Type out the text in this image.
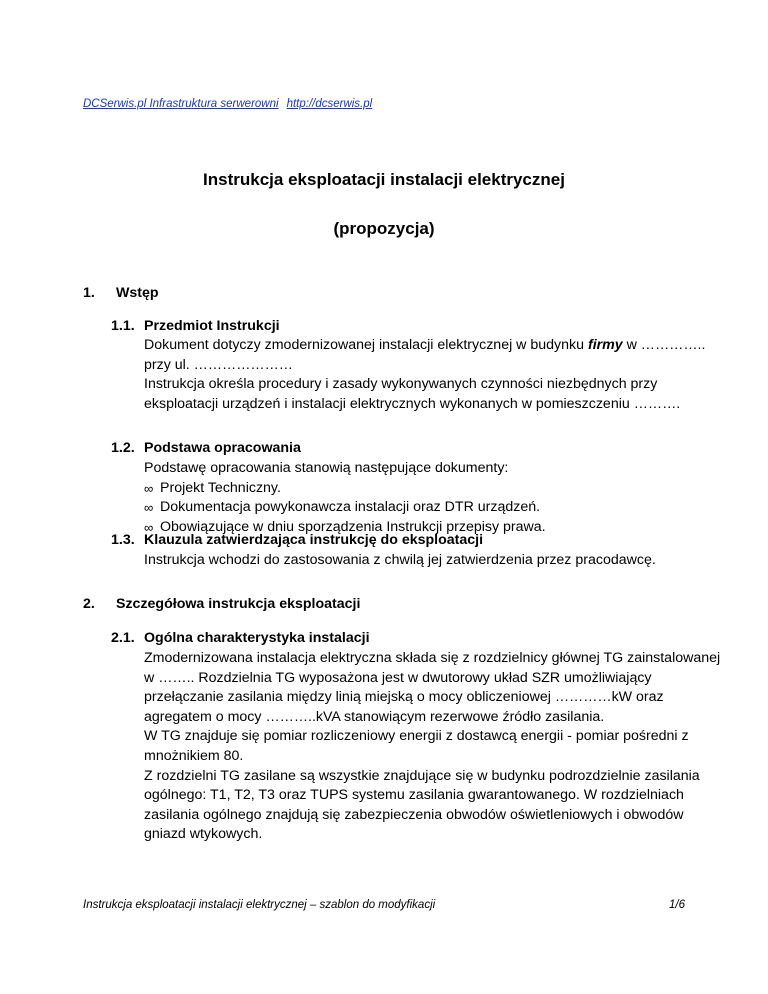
DCSerwis.pl Infrastruktura serwerowni http://dcserwis.pl
Instrukcja eksploatacji instalacji elektrycznej
(propozycja)
1. Wstęp
1.1. Przedmiot Instrukcji

Dokument dotyczy zmodernizowanej instalacji elektrycznej w budynku firmy w ………….. przy ul. …………………

Instrukcja określa procedury i zasady wykonywanych czynności niezbędnych przy eksploatacji urządzeń i instalacji elektrycznych wykonanych w pomieszczeniu ……….

1.2. Podstawa opracowania

Podstawę opracowania stanowią następujące dokumenty:

∞ Projekt Techniczny.
∞ Dokumentacja powykonawcza instalacji oraz DTR urządzeń.
∞ Obowiązujące w dniu sporządzenia Instrukcji przepisy prawa.
1.3. Klauzula zatwierdzająca instrukcję do eksploatacji

Instrukcja wchodzi do zastosowania z chwilą jej zatwierdzenia przez pracodawcę.

2. Szczegółowa instrukcja eksploatacji
2.1. Ogólna charakterystyka instalacji

Zmodernizowana instalacja elektryczna składa się z rozdzielnicy głównej TG zainstalowanej w …….. Rozdzielnia TG wyposażona jest w dwutorowy układ SZR umożliwiający przełączanie zasilania między linią miejską o mocy obliczeniowej …………kW oraz agregatem o mocy ………..kVA stanowiącym rezerwowe źródło zasilania.

W TG znajduje się pomiar rozliczeniowy energii z dostawcą energii - pomiar pośredni z mnożnikiem 80.

Z rozdzielni TG zasilane są wszystkie znajdujące się w budynku podrozdzielnie zasilania ogólnego: T1, T2, T3 oraz TUPS systemu zasilania gwarantowanego. W rozdzielniach zasilania ogólnego znajdują się zabezpieczenia obwodów oświetleniowych i obwodów gniazd wtykowych.

Instrukcja eksploatacji instalacji elektrycznej – szablon do modyfikacji	1/6
